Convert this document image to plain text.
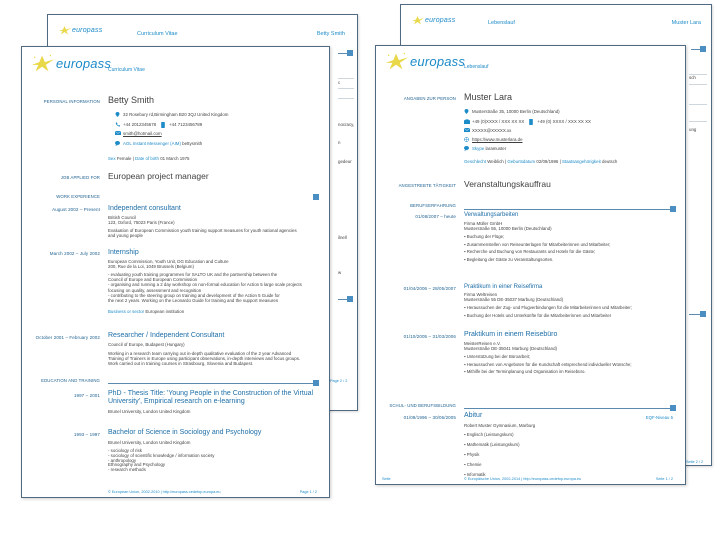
europass
Curriculum Vitae	Betty Smith
c
nocracy,
n
gedeur
ilnell
w
Page 2 / 2
europass
Curriculum Vitae
PERSONAL INFORMATION Betty Smith
32 Rosebury rd,Birmingham B20 3QJ United Kingdom
+44 2012345678	+44 7123456789
smith@hotmail.com
AOL Instant Messenger (AIM)
bettysmith
Sex
Female | Date of birth
01 March 1975
JOB APPLIED FOR European project manager
WORK EXPERIENCE
August 2002 – Present Independent consultant
British Council
123, Oxford, 75023 Paris (France)
Evaluation of European Commission youth training support measures for youth national agencies and young people
March 2002 – July 2002 Internship
European Commission, Youth Unit, DG Education and Culture
200, Rue de la Loi, 1049 Brussels (Belgium)
- evaluating youth training programmes for SALTO UK and the partnership between the
Council of Europe and European Commission
- organising and running a 2 day workshop on non-formal education for Action 5 large scale projects
focusing on quality, assessment and recognition
- contributing to the steering group on training and development of the Action 5 Guide for
the next 2 years. Working on the Leonardo Guide for training and the support measures
Business or sector
European institution
October 2001 – February 2002 Researcher / Independent Consultant
Council of Europe, Budapest (Hungary)
Working in a research team carrying out in-depth qualitative evaluation of the 2 year Advanced
Training of Trainers in Europe using participant observations, in-depth interviews and focus groups.
Work carried out in training courses in Strasbourg, Slovenia and Budapest.
EDUCATION AND TRAINING
1997 – 2001 PhD - Thesis Title: 'Young People in the Construction of the Virtual
University', Empirical research on e-learning
Brunel University, London United Kingdom
1993 – 1997 Bachelor of Science in Sociology and Psychology
Brunel University, London United Kingdom
- sociology of risk
- sociology of scientific knowledge / information society
- anthropology
Ethnography and Psychology
- research methods
© European Union, 2002-2010 | http://europass.cedefop.europa.eu	Page 1 / 2
europass	Lebenslauf	Muster Lara
sch
ung
Seite 2 / 2
europass
Lebenslauf
ANGABEN ZUR PERSON Muster Lara
Musterstraße 35, 10000 Berlin (Deutschland)
+49 (0)XXXX / XXX XX XX	+49 (0) XXXX / XXX XX XX
XXXXX@XXXXX.xx
https://www.musterlara.de
Skype
laramuster
Geschlecht
Weiblich | Geburtsdatum
02/09/1986 | Staatsangehörigkeit
deutsch
ANGESTREBTE TÄTIGKEIT Veranstaltungskauffrau
BERUFSERFAHRUNG
01/08/2007 – heute Verwaltungsarbeiten
Firma Müller GmbH
Musterstraße 55, 10000 Berlin (Deutschland)
▪ Buchung der Flüge;
▪ Zusammenstellen von Reiseunterlagen für Mitarbeiterinnen und Mitarbeiter;
▪ Recherche und Buchung von Restaurants und Hotels für die Gäste;
▪ Begleitung der Gäste zu Veranstaltungsorten.
01/04/2006 – 28/05/2007 Praktikum in einer Reisefirma
Firma Weltreisen
Musterstraße 55 DE-35037 Marburg (Deutschland)
▪ Heraussuchen der Zug- und Flugverbindungen für die Mitarbeiterinnen und Mitarbeiter;
▪ Buchung der Hotels und Unterkünfte für die Mitarbeiterinnen und Mitarbeiter
01/10/2005 – 31/03/2006 Praktikum in einem Reisebüro
MeisterReisen e.V.
Musterstraße DE-35041 Marburg (Deutschland)
▪ Unterstützung bei der Büroarbeit;
▪ Heraussuchen von Angeboten für die Kundschaft entsprechend individueller Wünsche;
▪ Mithilfe bei der Terminplanung und Organisation im Reisebüro.
SCHUL- UND BERUFSBILDUNG
01/09/1996 – 30/06/2005 Abitur	EQF-Niveau 5
Robert Muster Gymnasium, Marburg
▪ Englisch (Leistungskurs)
▪ Mathematik (Leistungskurs)
▪ Physik
▪ Chemie
▪ Informatik
Seite	© Europäische Union, 2002-2014 | http://europass.cedefop.europa.eu	Seite 1 / 2
